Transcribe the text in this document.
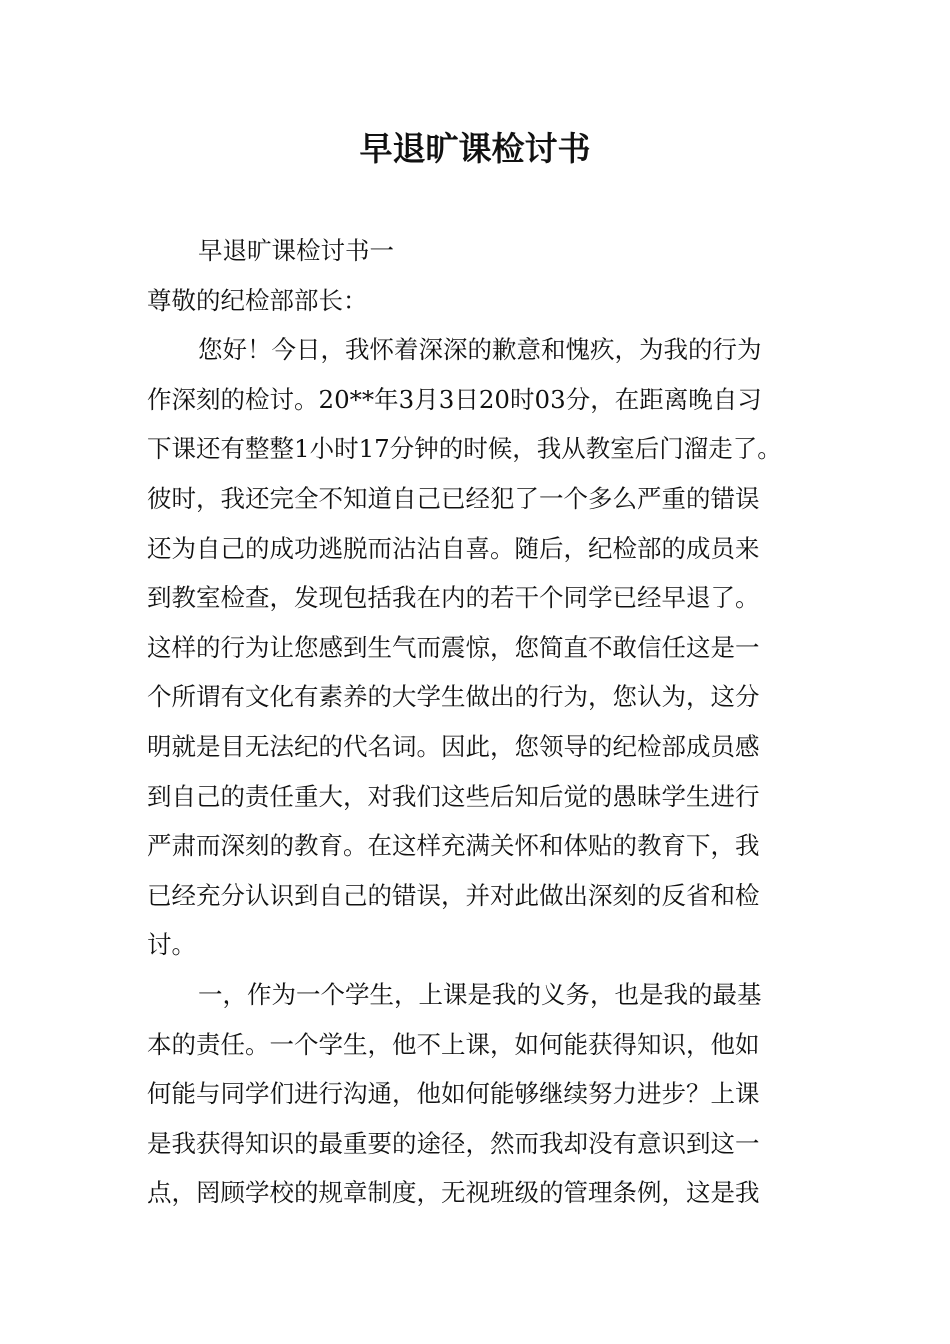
早退旷课检讨书

早退旷课检讨书一

尊敬的纪检部部长：

您好！今日，我怀着深深的歉意和愧疚，为我的行为

作深刻的检讨。20**年3月3日20时03分，在距离晚自习

下课还有整整1小时17分钟的时候，我从教室后门溜走了。

彼时，我还完全不知道自己已经犯了一个多么严重的错误

还为自己的成功逃脱而沾沾自喜。随后，纪检部的成员来

到教室检查，发现包括我在内的若干个同学已经早退了。

这样的行为让您感到生气而震惊，您简直不敢信任这是一

个所谓有文化有素养的大学生做出的行为，您认为，这分

明就是目无法纪的代名词。因此，您领导的纪检部成员感

到自己的责任重大，对我们这些后知后觉的愚昧学生进行

严肃而深刻的教育。在这样充满关怀和体贴的教育下，我

已经充分认识到自己的错误，并对此做出深刻的反省和检

讨。

一，作为一个学生，上课是我的义务，也是我的最基

本的责任。一个学生，他不上课，如何能获得知识，他如

何能与同学们进行沟通，他如何能够继续努力进步？上课

是我获得知识的最重要的途径，然而我却没有意识到这一

点，罔顾学校的规章制度，无视班级的管理条例，这是我
